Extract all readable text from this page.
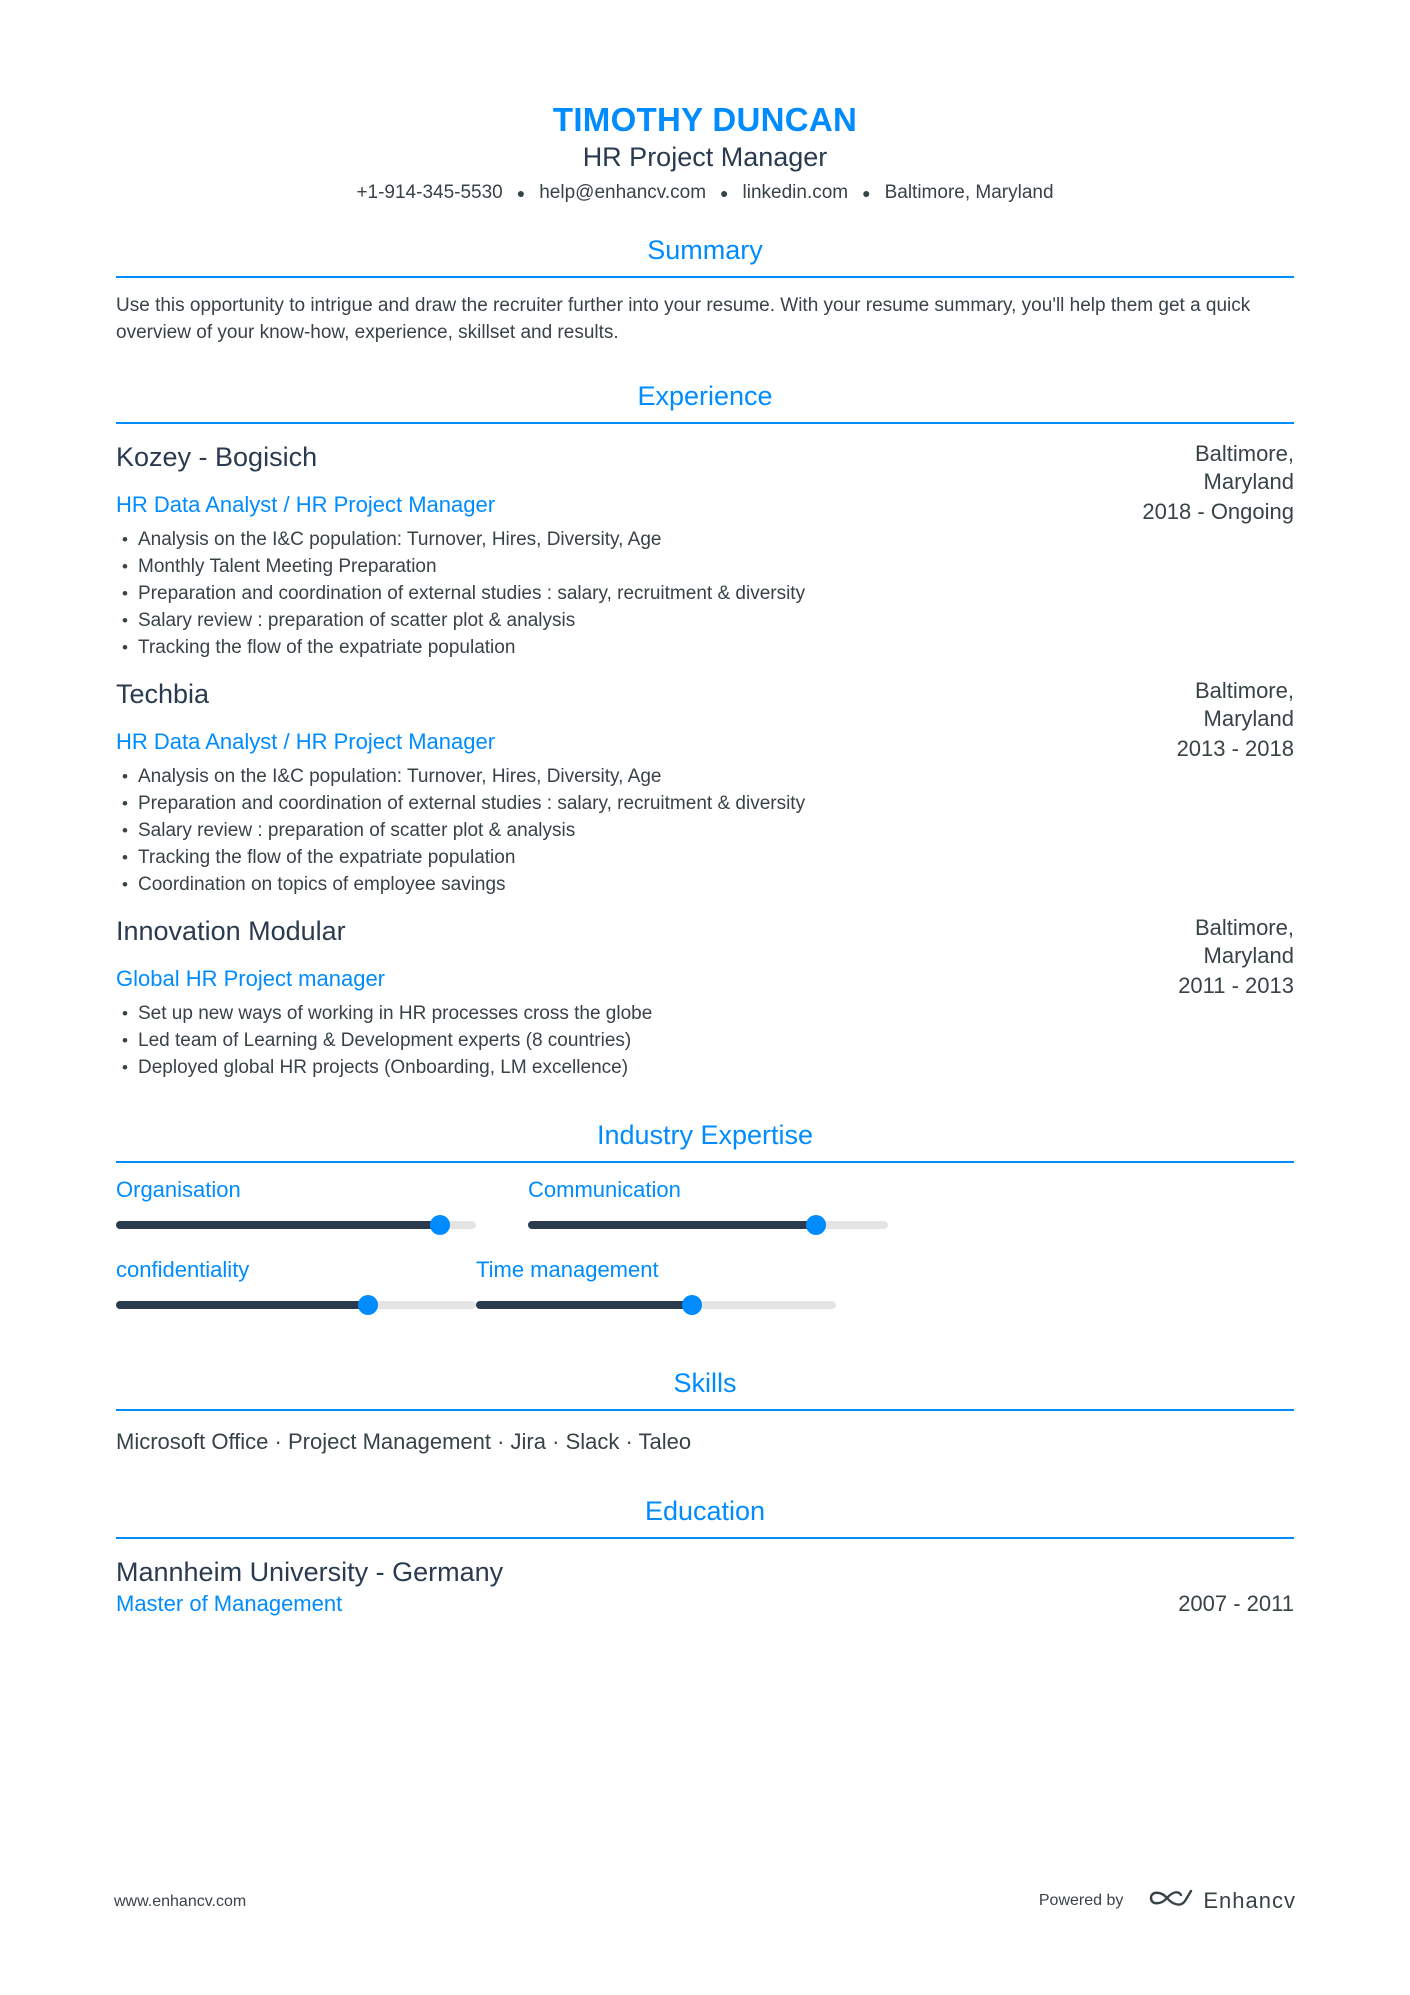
TIMOTHY DUNCAN
HR Project Manager
+1-914-345-5530 ● help@enhancv.com ● linkedin.com ● Baltimore, Maryland
Summary
Use this opportunity to intrigue and draw the recruiter further into your resume. With your resume summary, you'll help them get a quick overview of your know-how, experience, skillset and results.
Experience
Kozey - Bogisich
HR Data Analyst / HR Project Manager
Baltimore,
Maryland
2018 - Ongoing
• Analysis on the I&C population: Turnover, Hires, Diversity, Age
• Monthly Talent Meeting Preparation
• Preparation and coordination of external studies : salary, recruitment & diversity
• Salary review : preparation of scatter plot & analysis
• Tracking the flow of the expatriate population
Techbia
HR Data Analyst / HR Project Manager
Baltimore,
Maryland
2013 - 2018
• Analysis on the I&C population: Turnover, Hires, Diversity, Age
• Preparation and coordination of external studies : salary, recruitment & diversity
• Salary review : preparation of scatter plot & analysis
• Tracking the flow of the expatriate population
• Coordination on topics of employee savings
Innovation Modular
Global HR Project manager
Baltimore,
Maryland
2011 - 2013
• Set up new ways of working in HR processes cross the globe
• Led team of Learning & Development experts (8 countries)
• Deployed global HR projects (Onboarding, LM excellence)
Industry Expertise
Organisation	Communication
confidentiality	Time management
Skills
Microsoft Office · Project Management · Jira · Slack · Taleo
Education
Mannheim University - Germany
Master of Management	2007 - 2011
www.enhancv.com	Powered by	Enhancv
